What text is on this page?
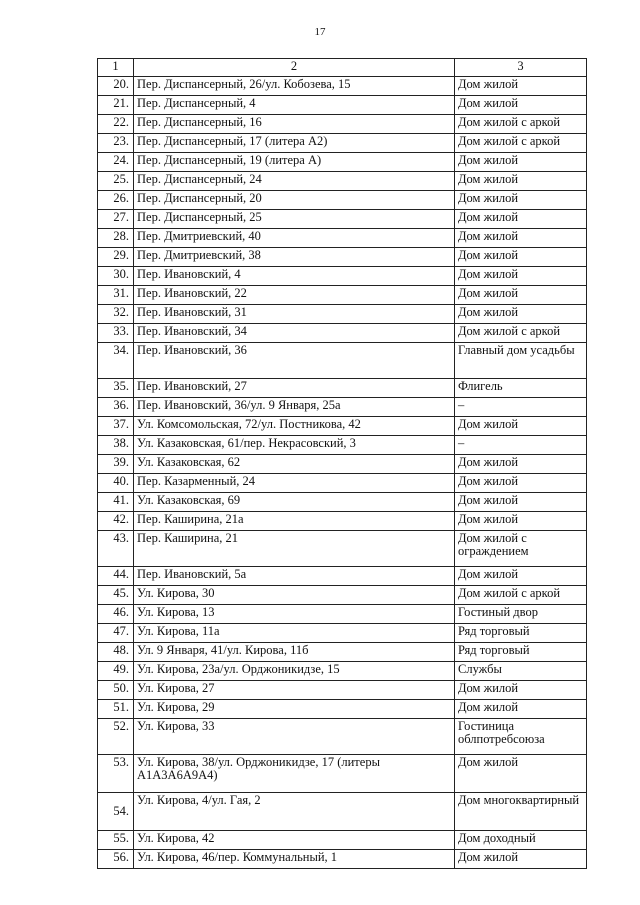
17
1	2	3
20.	Пер. Диспансерный, 26/ул. Кобозева, 15	Дом жилой
21.	Пер. Диспансерный, 4	Дом жилой
22.	Пер. Диспансерный, 16	Дом жилой с аркой
23.	Пер. Диспансерный, 17 (литера А2)	Дом жилой с аркой
24.	Пер. Диспансерный, 19 (литера А)	Дом жилой
25.	Пер. Диспансерный, 24	Дом жилой
26.	Пер. Диспансерный, 20	Дом жилой
27.	Пер. Диспансерный, 25	Дом жилой
28.	Пер. Дмитриевский, 40	Дом жилой
29.	Пер. Дмитриевский, 38	Дом жилой
30.	Пер. Ивановский, 4	Дом жилой
31.	Пер. Ивановский, 22	Дом жилой
32.	Пер. Ивановский, 31	Дом жилой
33.	Пер. Ивановский, 34	Дом жилой с аркой
34.	Пер. Ивановский, 36	Главный дом усадьбы
35.	Пер. Ивановский, 27	Флигель
36.	Пер. Ивановский, 36/ул. 9 Января, 25а	–
37.	Ул. Комсомольская, 72/ул. Постникова, 42	Дом жилой
38.	Ул. Казаковская, 61/пер. Некрасовский, 3	–
39.	Ул. Казаковская, 62	Дом жилой
40.	Пер. Казарменный, 24	Дом жилой
41.	Ул. Казаковская, 69	Дом жилой
42.	Пер. Каширина, 21а	Дом жилой
43.	Пер. Каширина, 21	Дом жилой с ограждением
44.	Пер. Ивановский, 5а	Дом жилой
45.	Ул. Кирова, 30	Дом жилой с аркой
46.	Ул. Кирова, 13	Гостиный двор
47.	Ул. Кирова, 11а	Ряд торговый
48.	Ул. 9 Января, 41/ул. Кирова, 11б	Ряд торговый
49.	Ул. Кирова, 23а/ул. Орджоникидзе, 15	Службы
50.	Ул. Кирова, 27	Дом жилой
51.	Ул. Кирова, 29	Дом жилой
52.	Ул. Кирова, 33	Гостиница облпотребсоюза
53.	Ул. Кирова, 38/ул. Орджоникидзе, 17 (литеры А1А3А6А9А4)	Дом жилой
54.	Ул. Кирова, 4/ул. Гая, 2	Дом многоквартирный
55.	Ул. Кирова, 42	Дом доходный
56.	Ул. Кирова, 46/пер. Коммунальный, 1	Дом жилой
